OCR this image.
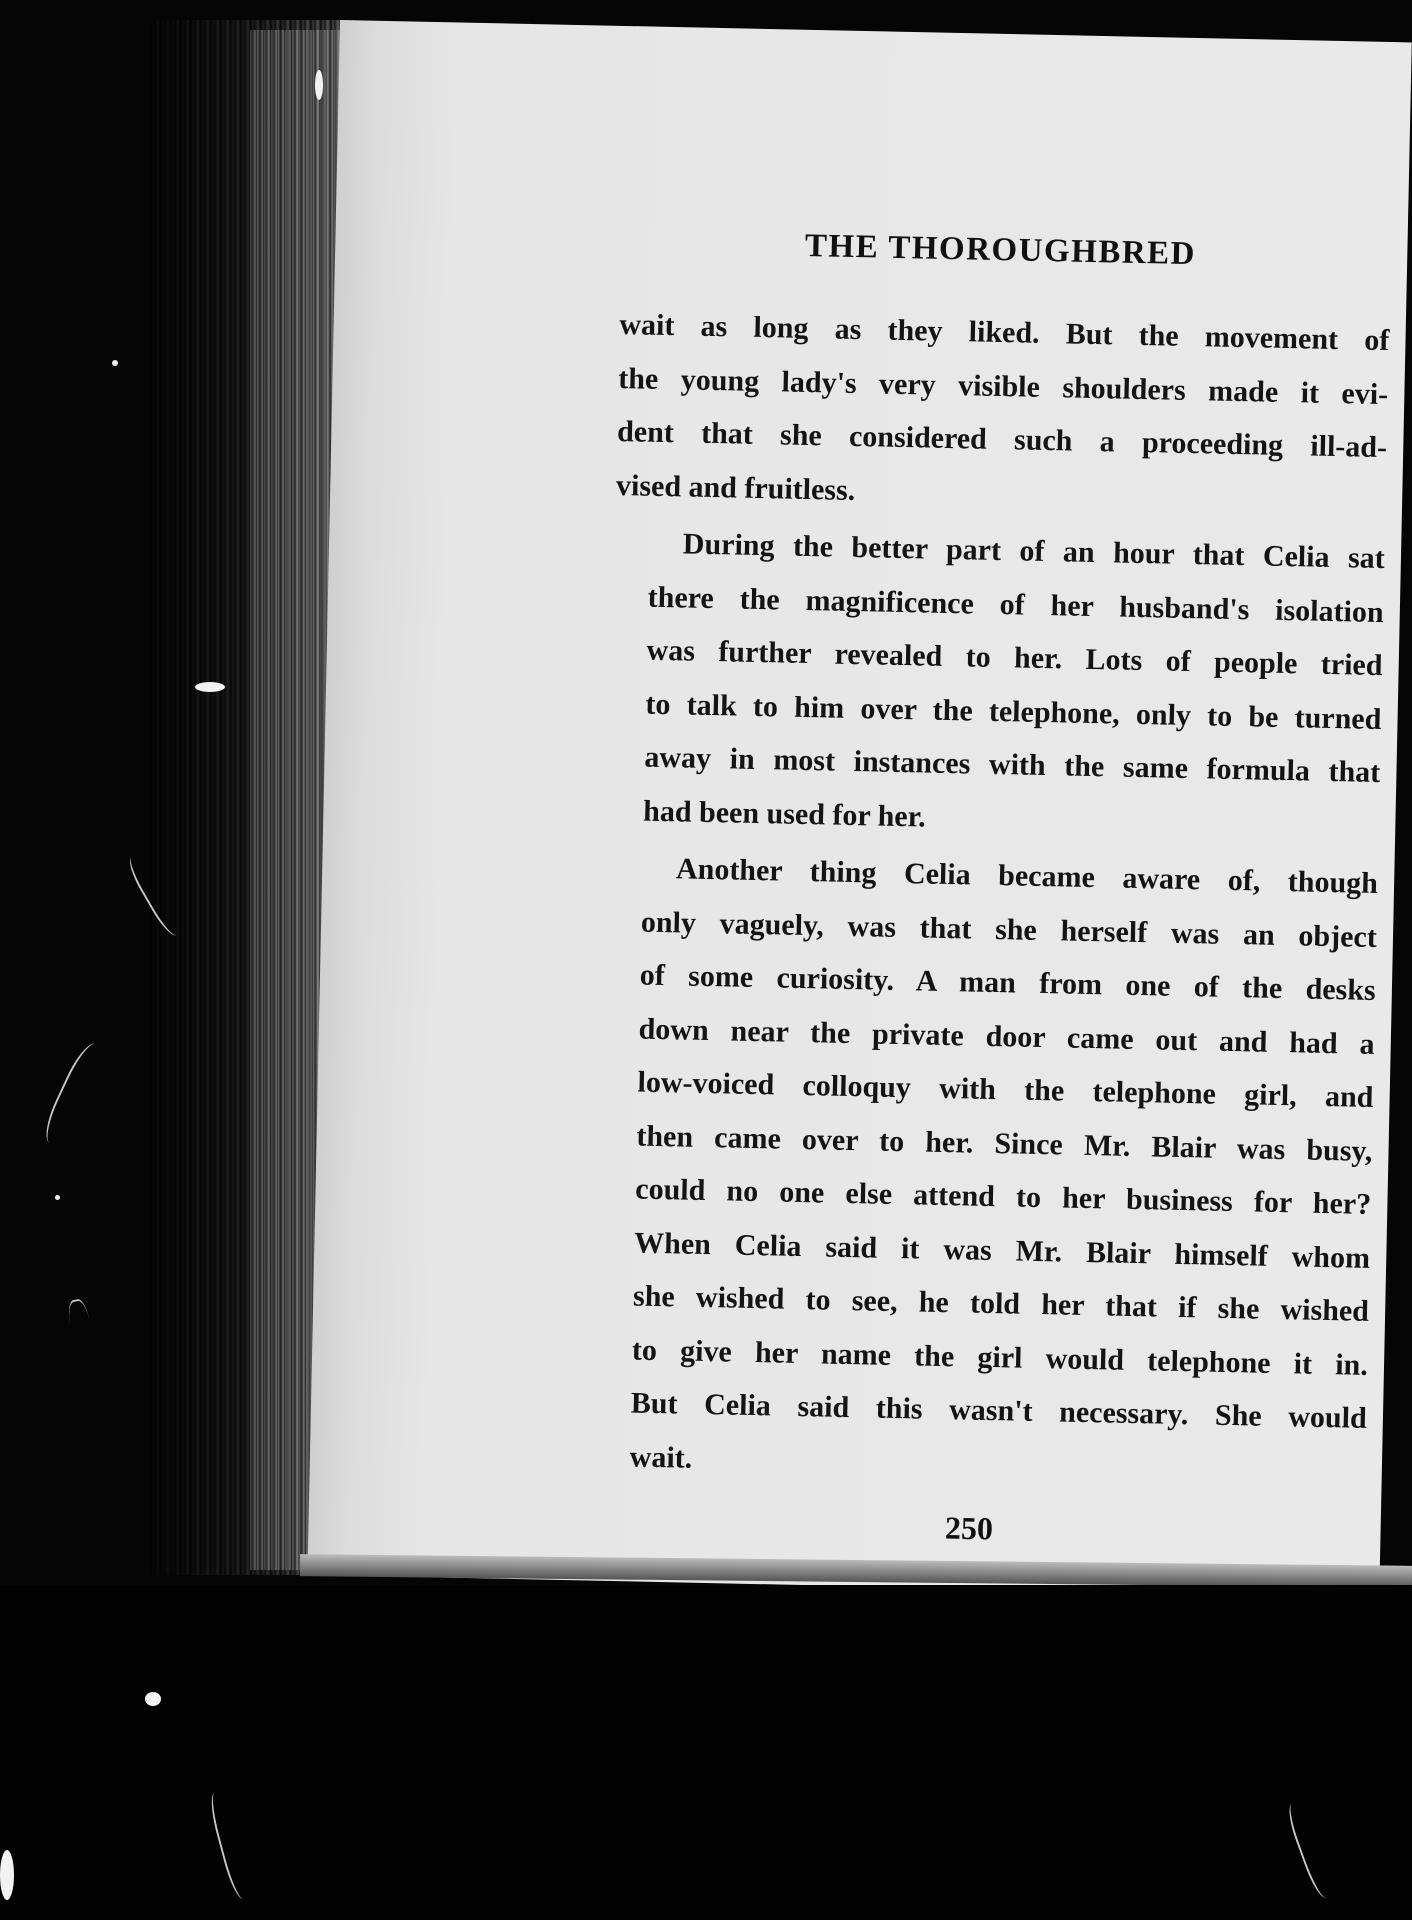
THE THOROUGHBRED
wait as long as they liked. But the movement of
the young lady's very visible shoulders made it evi-
dent that she considered such a proceeding ill-ad-
vised and fruitless.
During the better part of an hour that Celia sat
there the magnificence of her husband's isolation
was further revealed to her. Lots of people tried
to talk to him over the telephone, only to be turned
away in most instances with the same formula that
had been used for her.
Another thing Celia became aware of, though
only vaguely, was that she herself was an object
of some curiosity. A man from one of the desks
down near the private door came out and had a
low-voiced colloquy with the telephone girl, and
then came over to her. Since Mr. Blair was busy,
could no one else attend to her business for her?
When Celia said it was Mr. Blair himself whom
she wished to see, he told her that if she wished
to give her name the girl would telephone it in.
But Celia said this wasn't necessary. She would
wait.
250
